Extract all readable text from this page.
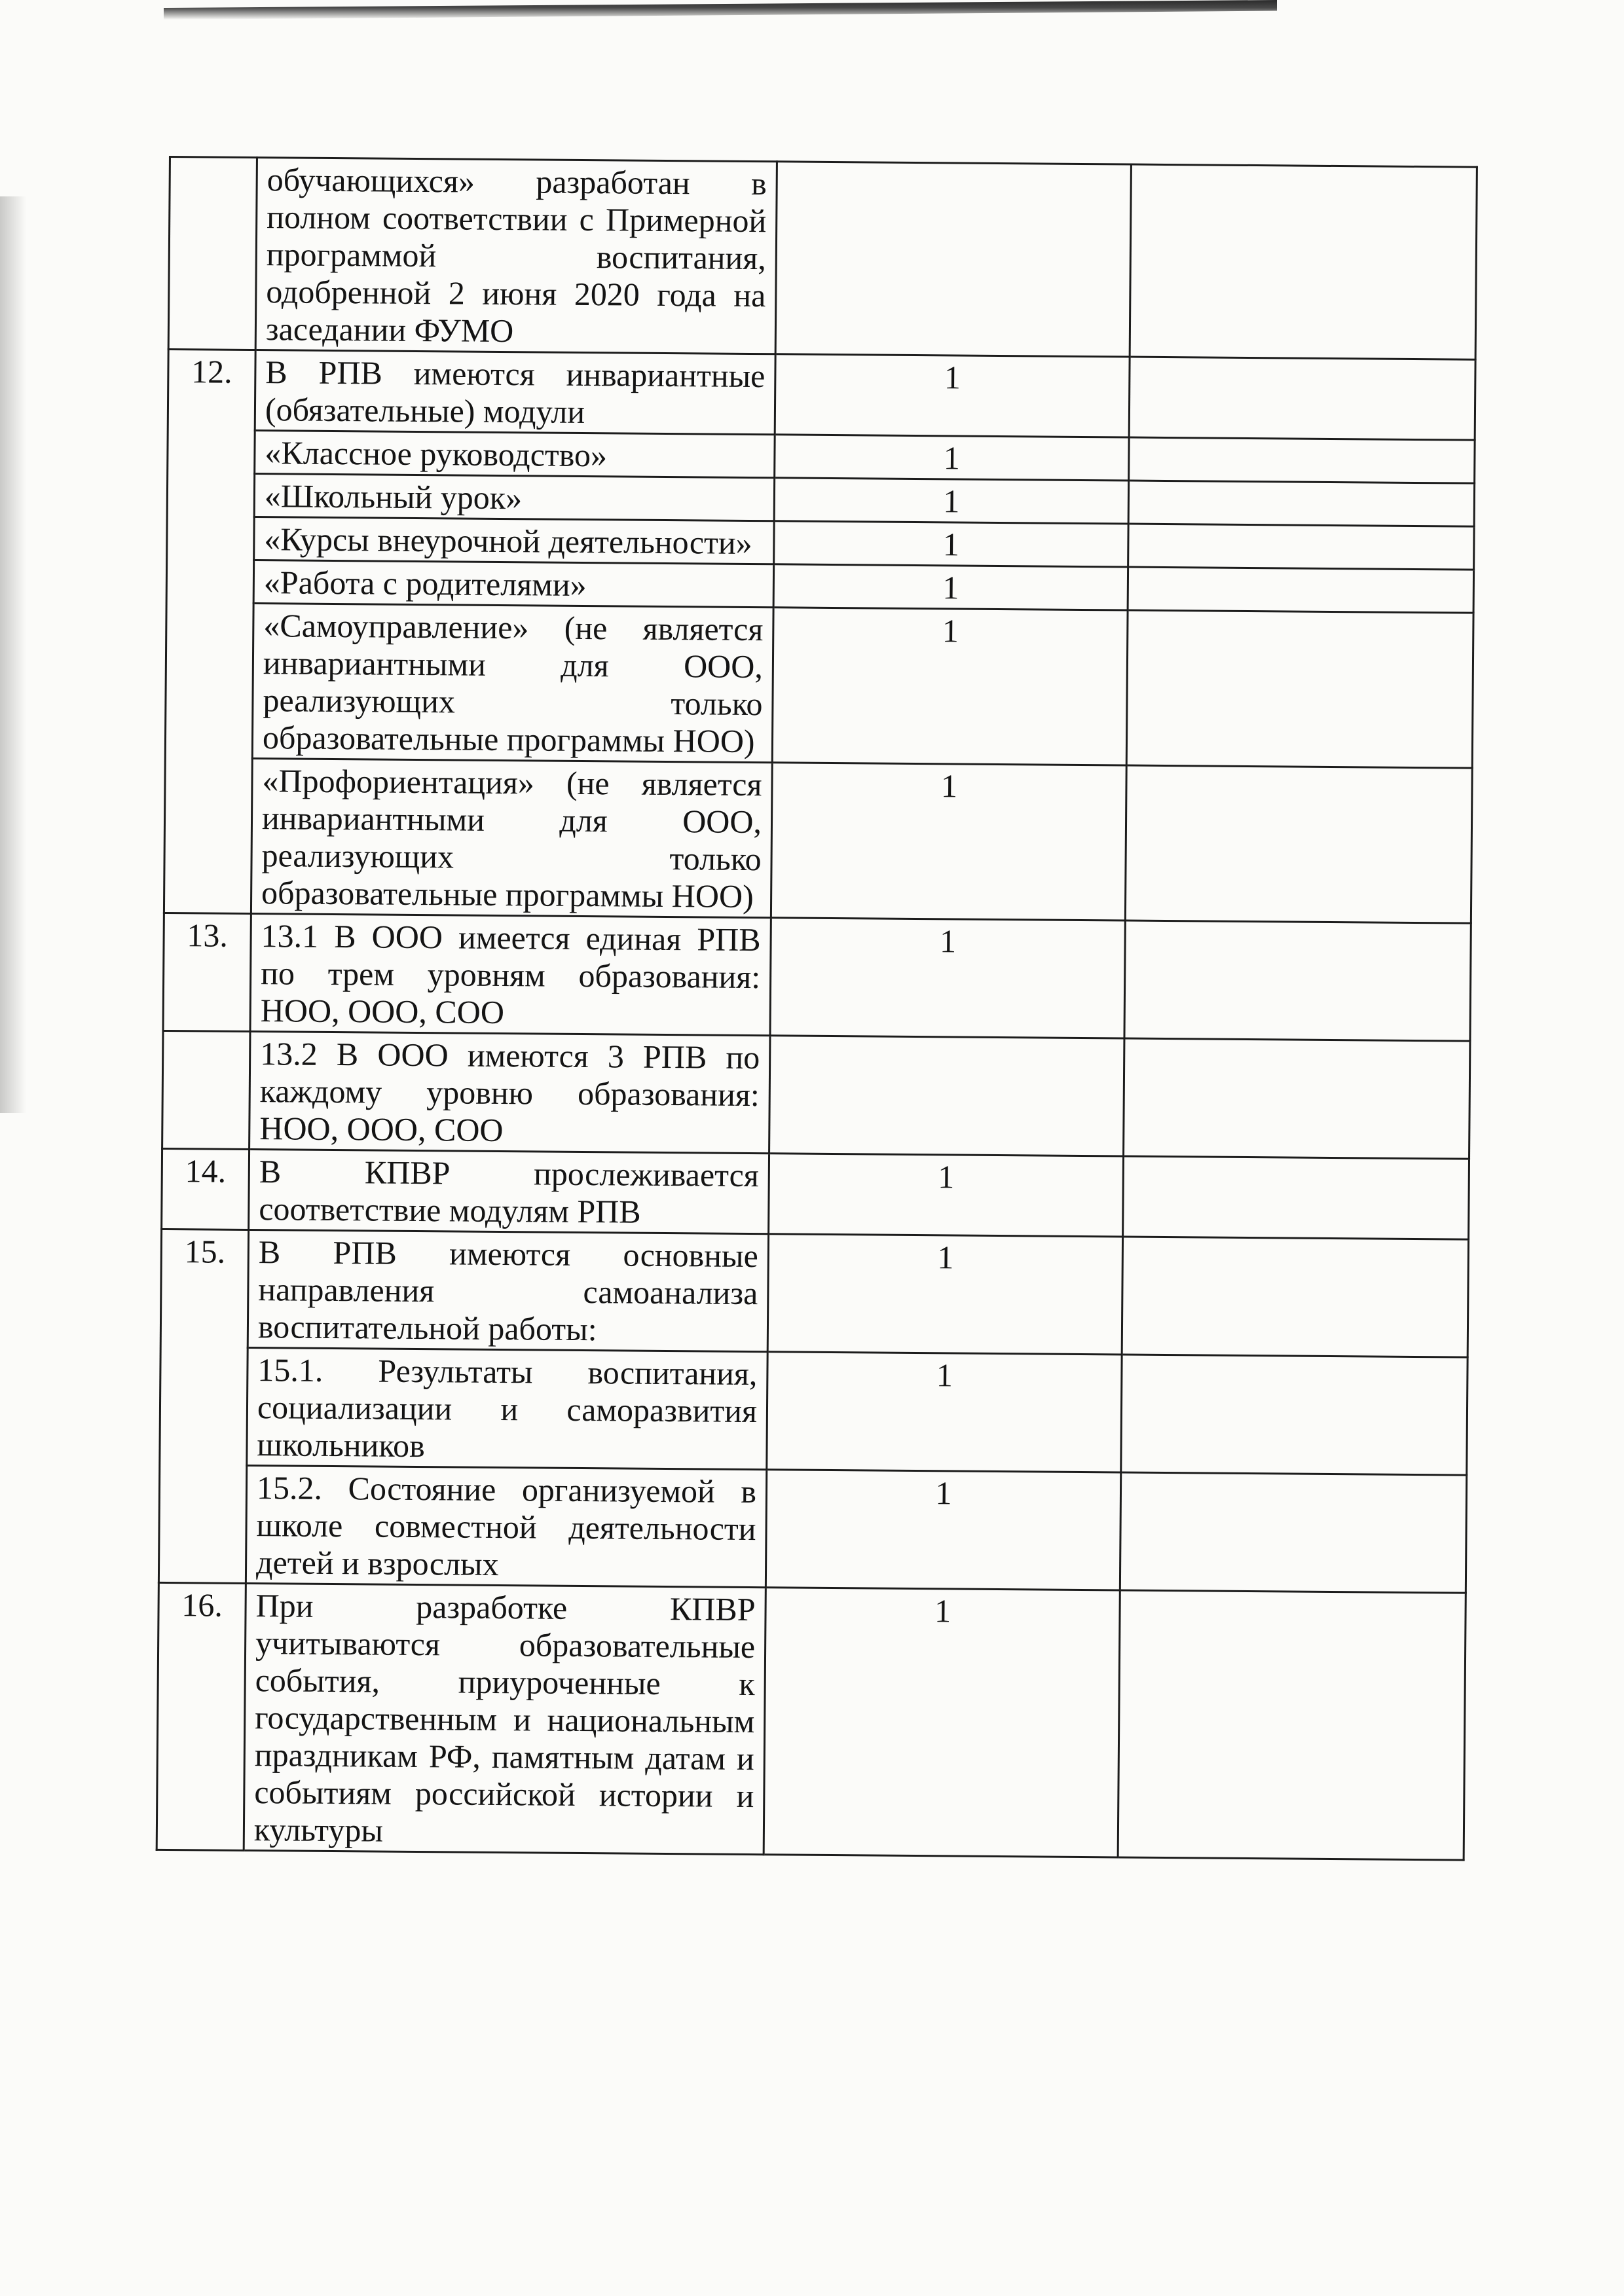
	обучающихся» разработан в полном соответствии с Примерной программой воспитания, одобренной 2 июня 2020 года на заседании ФУМО		
12.	В РПВ имеются инвариантные (обязательные) модули	1	
	«Классное руководство»	1	
	«Школьный урок»	1	
	«Курсы внеурочной деятельности»	1	
	«Работа с родителями»	1	
	«Самоуправление» (не является инвариантными для ООО, реализующих только образовательные программы НОО)	1	
	«Профориентация» (не является инвариантными для ООО, реализующих только образовательные программы НОО)	1	
13.	13.1 В ООО имеется единая РПВ по трем уровням образования: НОО, ООО, СОО	1	
	13.2 В ООО имеются 3 РПВ по каждому уровню образования: НОО, ООО, СОО		
14.	В КПВР прослеживается соответствие модулям РПВ	1	
15.	В РПВ имеются основные направления самоанализа воспитательной работы:	1	
	15.1. Результаты воспитания, социализации и саморазвития школьников	1	
	15.2. Состояние организуемой в школе совместной деятельности детей и взрослых	1	
16.	При разработке КПВР учитываются образовательные события, приуроченные к государственным и национальным праздникам РФ, памятным датам и событиям российской истории и культуры	1	
